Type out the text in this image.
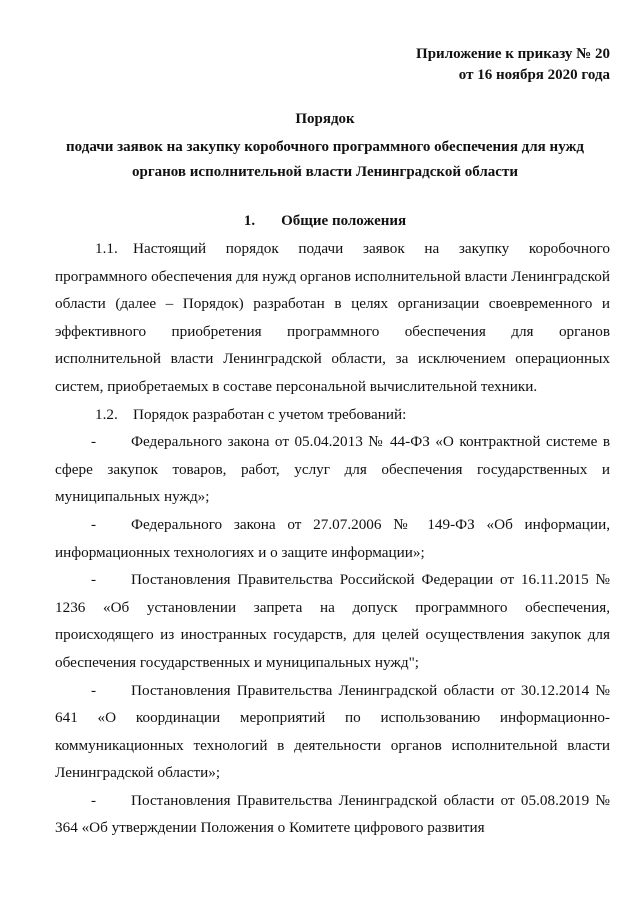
Приложение к приказу № 20
от 16 ноября 2020 года
Порядок
подачи заявок на закупку коробочного программного обеспечения для нужд
органов исполнительной власти Ленинградской области
1. Общие положения

1.1. Настоящий порядок подачи заявок на закупку коробочного программного обеспечения для нужд органов исполнительной власти Ленинградской области (далее – Порядок) разработан в целях организации своевременного и эффективного приобретения программного обеспечения для органов исполнительной власти Ленинградской области, за исключением операционных систем, приобретаемых в составе персональной вычислительной техники.

1.2. Порядок разработан с учетом требований:

- Федерального закона от 05.04.2013 № 44-ФЗ «О контрактной системе в сфере закупок товаров, работ, услуг для обеспечения государственных и муниципальных нужд»;

- Федерального закона от 27.07.2006 № 149-ФЗ «Об информации, информационных технологиях и о защите информации»;

- Постановления Правительства Российской Федерации от 16.11.2015 № 1236 «Об установлении запрета на допуск программного обеспечения, происходящего из иностранных государств, для целей осуществления закупок для обеспечения государственных и муниципальных нужд";

- Постановления Правительства Ленинградской области от 30.12.2014 № 641 «О координации мероприятий по использованию информационно-коммуникационных технологий в деятельности органов исполнительной власти Ленинградской области»;

- Постановления Правительства Ленинградской области от 05.08.2019 № 364 «Об утверждении Положения о Комитете цифрового развития
